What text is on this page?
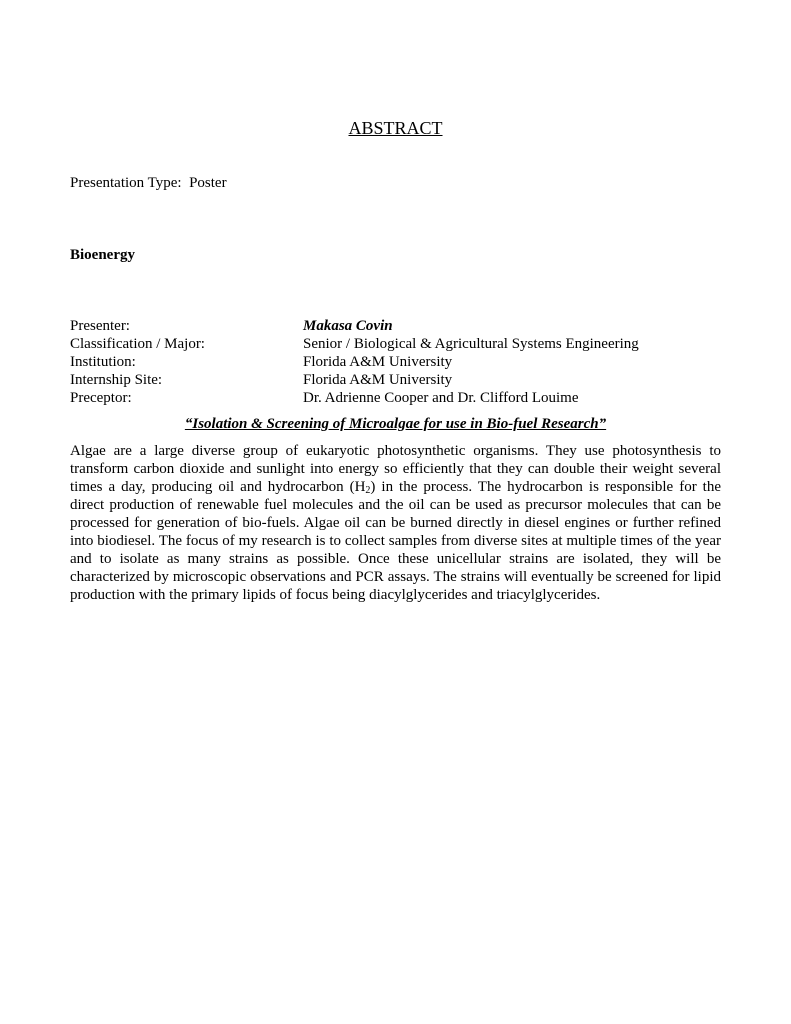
ABSTRACT
Presentation Type:  Poster
Bioenergy
Presenter:	Makasa Covin
Classification / Major:	Senior / Biological & Agricultural Systems Engineering
Institution:	Florida A&M University
Internship Site:	Florida A&M University
Preceptor:	Dr. Adrienne Cooper and Dr. Clifford Louime
“Isolation & Screening of Microalgae for use in Bio-fuel Research”
Algae are a large diverse group of eukaryotic photosynthetic organisms. They use photosynthesis to transform carbon dioxide and sunlight into energy so efficiently that they can double their weight several times a day, producing oil and hydrocarbon $(H_2)$ in the process. The hydrocarbon is responsible for the direct production of renewable fuel molecules and the oil can be used as precursor molecules that can be processed for generation of bio-fuels. Algae oil can be burned directly in diesel engines or further refined into biodiesel. The focus of my research is to collect samples from diverse sites at multiple times of the year and to isolate as many strains as possible. Once these unicellular strains are isolated, they will be characterized by microscopic observations and PCR assays. The strains will eventually be screened for lipid production with the primary lipids of focus being diacylglycerides and triacylglycerides.
